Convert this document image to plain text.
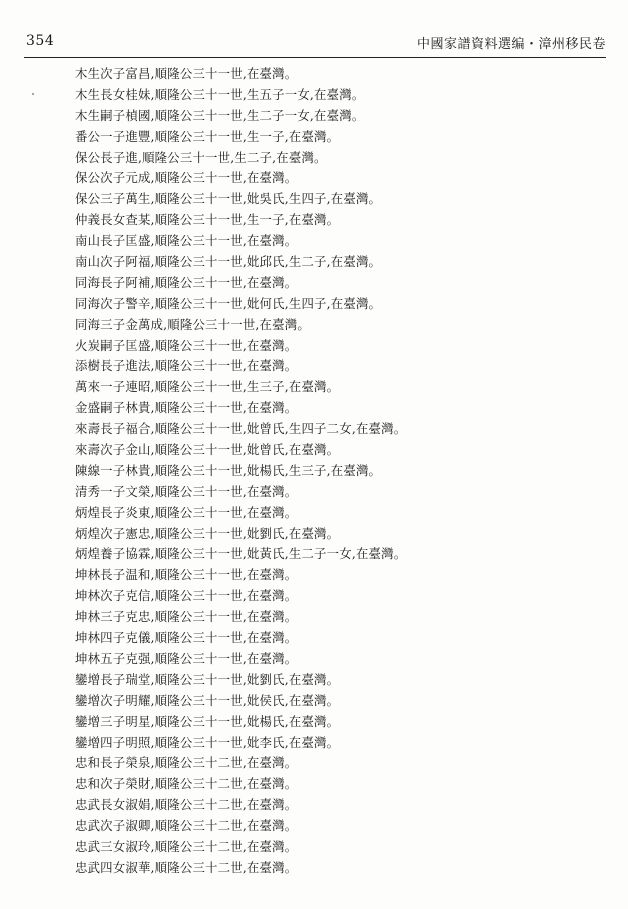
354	中國家譜資料選编・漳州移民卷
木生次子富昌,順隆公三十一世,在臺灣。
木生長女桂妹,順隆公三十一世,生五子一女,在臺灣。
木生嗣子楨國,順隆公三十一世,生二子一女,在臺灣。
番公一子進豐,順隆公三十一世,生一子,在臺灣。
保公長子進,順隆公三十一世,生二子,在臺灣。
保公次子元成,順隆公三十一世,在臺灣。
保公三子萬生,順隆公三十一世,妣吳氏,生四子,在臺灣。
仲義長女查某,順隆公三十一世,生一子,在臺灣。
南山長子匡盛,順隆公三十一世,在臺灣。
南山次子阿福,順隆公三十一世,妣邱氏,生二子,在臺灣。
同海長子阿補,順隆公三十一世,在臺灣。
同海次子警辛,順隆公三十一世,妣何氏,生四子,在臺灣。
同海三子金萬成,順隆公三十一世,在臺灣。
火炭嗣子匡盛,順隆公三十一世,在臺灣。
添樹長子進法,順隆公三十一世,在臺灣。
萬來一子連昭,順隆公三十一世,生三子,在臺灣。
金盛嗣子林貴,順隆公三十一世,在臺灣。
來壽長子福合,順隆公三十一世,妣曾氏,生四子二女,在臺灣。
來壽次子金山,順隆公三十一世,妣曾氏,在臺灣。
陳線一子林貴,順隆公三十一世,妣楊氏,生三子,在臺灣。
清秀一子文榮,順隆公三十一世,在臺灣。
炳煌長子炎東,順隆公三十一世,在臺灣。
炳煌次子憲忠,順隆公三十一世,妣劉氏,在臺灣。
炳煌養子協霖,順隆公三十一世,妣黃氏,生二子一女,在臺灣。
坤林長子温和,順隆公三十一世,在臺灣。
坤林次子克信,順隆公三十一世,在臺灣。
坤林三子克忠,順隆公三十一世,在臺灣。
坤林四子克儀,順隆公三十一世,在臺灣。
坤林五子克强,順隆公三十一世,在臺灣。
鑾增長子瑞堂,順隆公三十一世,妣劉氏,在臺灣。
鑾增次子明耀,順隆公三十一世,妣侯氏,在臺灣。
鑾增三子明星,順隆公三十一世,妣楊氏,在臺灣。
鑾增四子明照,順隆公三十一世,妣李氏,在臺灣。
忠和長子榮泉,順隆公三十二世,在臺灣。
忠和次子榮財,順隆公三十二世,在臺灣。
忠武長女淑娟,順隆公三十二世,在臺灣。
忠武次子淑卿,順隆公三十二世,在臺灣。
忠武三女淑玲,順隆公三十二世,在臺灣。
忠武四女淑華,順隆公三十二世,在臺灣。
